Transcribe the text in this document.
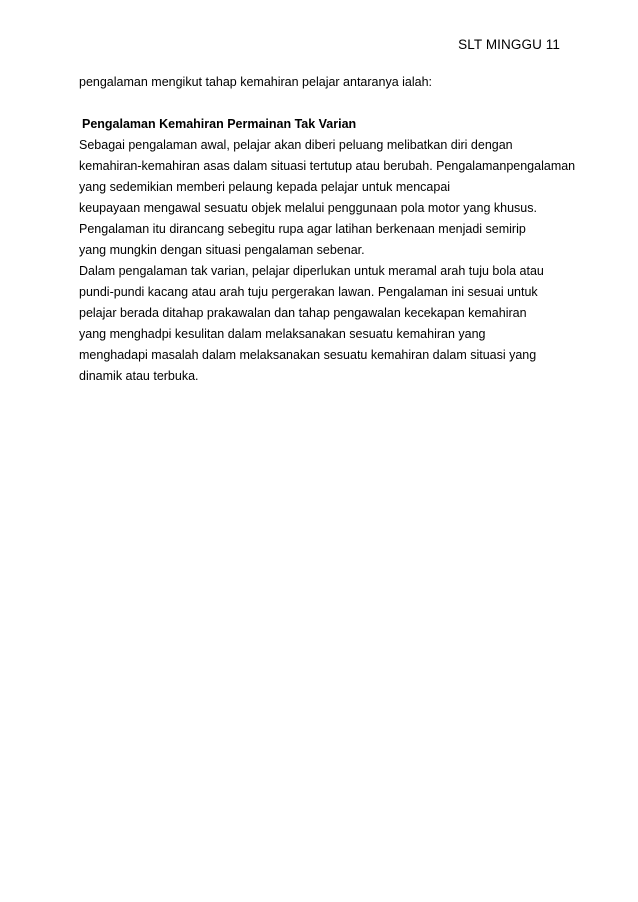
SLT MINGGU 11

pengalaman mengikut tahap kemahiran pelajar antaranya ialah:

Pengalaman Kemahiran Permainan Tak Varian

Sebagai pengalaman awal, pelajar akan diberi peluang melibatkan diri dengan

kemahiran-kemahiran asas dalam situasi tertutup atau berubah. Pengalamanpengalaman

yang sedemikian memberi pelaung kepada pelajar untuk mencapai

keupayaan mengawal sesuatu objek melalui penggunaan pola motor yang khusus.

Pengalaman itu dirancang sebegitu rupa agar latihan berkenaan menjadi semirip

yang mungkin dengan situasi pengalaman sebenar.

Dalam pengalaman tak varian, pelajar diperlukan untuk meramal arah tuju bola atau

pundi-pundi kacang atau arah tuju pergerakan lawan. Pengalaman ini sesuai untuk

pelajar berada ditahap prakawalan dan tahap pengawalan kecekapan kemahiran

yang menghadpi kesulitan dalam melaksanakan sesuatu kemahiran yang

menghadapi masalah dalam melaksanakan sesuatu kemahiran dalam situasi yang

dinamik atau terbuka.
